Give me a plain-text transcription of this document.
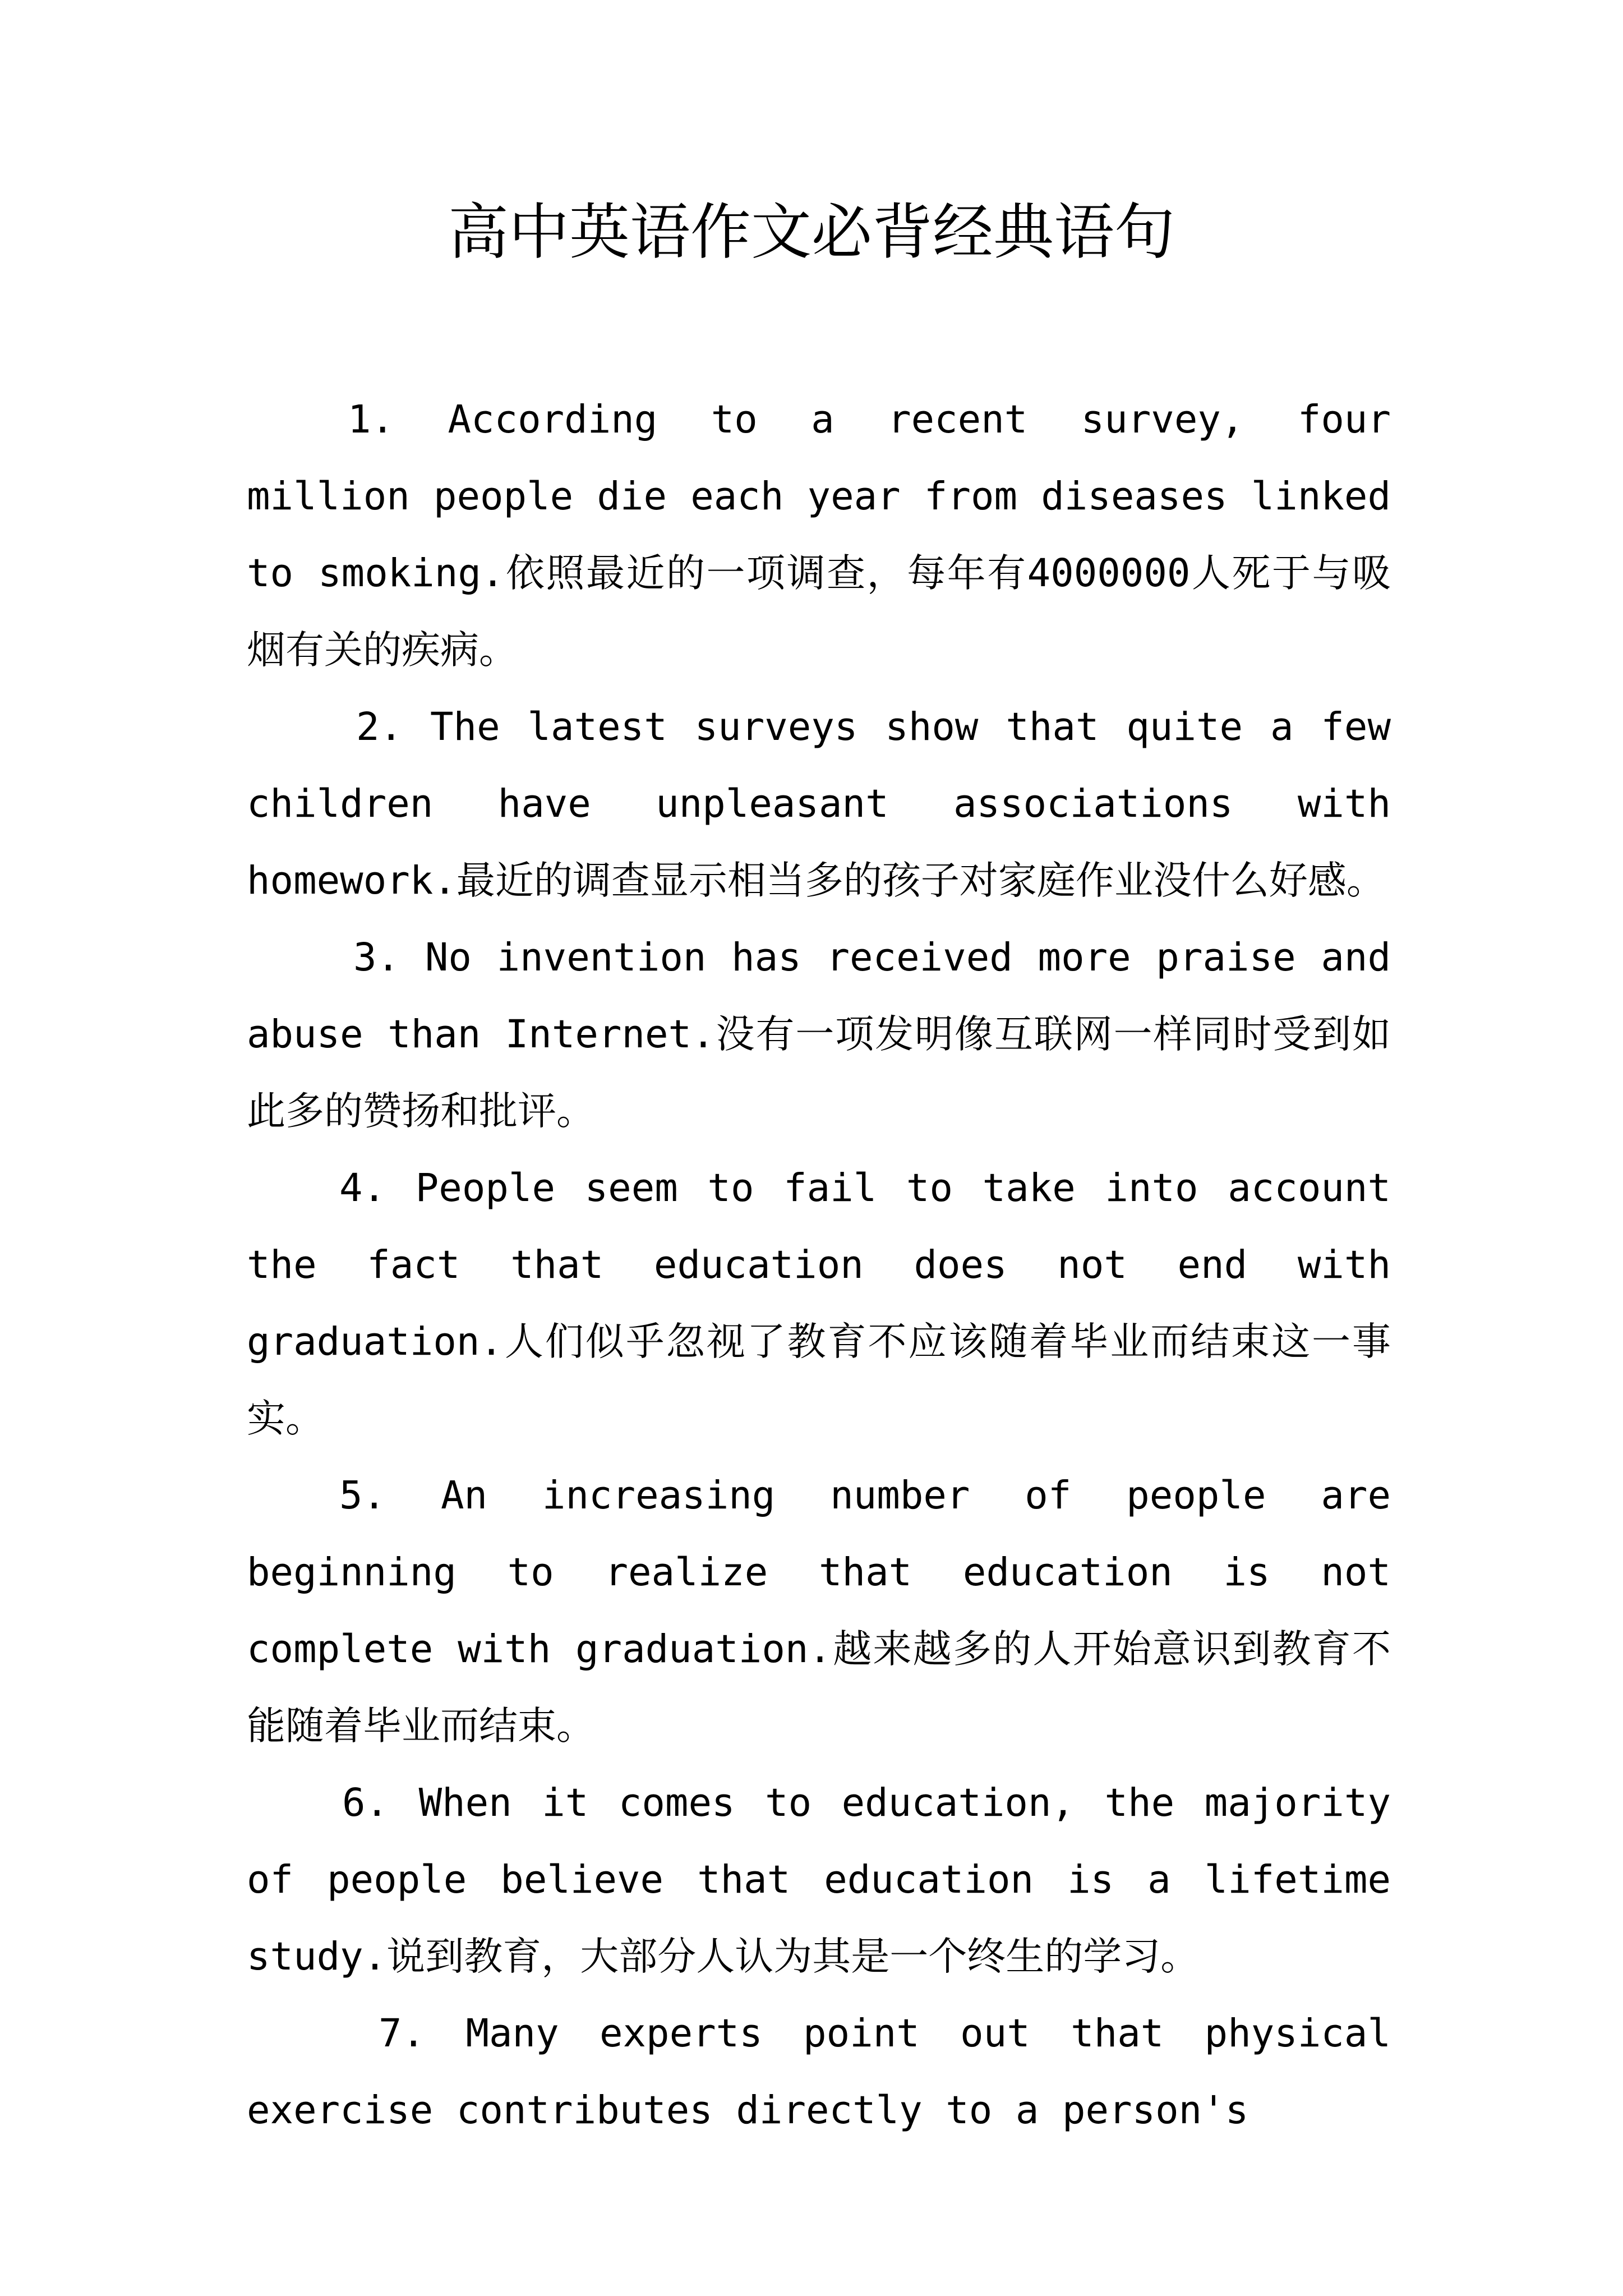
高中英语作文必背经典语句

1. According to a recent survey, four million people die each year from diseases linked to smoking.依照最近的一项调查，每年有4000000人死于与吸烟有关的疾病。

2. The latest surveys show that quite a few children have unpleasant associations with homework.最近的调查显示相当多的孩子对家庭作业没什么好感。

3. No invention has received more praise and abuse than Internet.没有一项发明像互联网一样同时受到如此多的赞扬和批评。

4. People seem to fail to take into account the fact that education does not end with graduation.人们似乎忽视了教育不应该随着毕业而结束这一事实。

5. An increasing number of people are beginning to realize that education is not complete with graduation.越来越多的人开始意识到教育不能随着毕业而结束。

6. When it comes to education, the majority of people believe that education is a lifetime study.说到教育，大部分人认为其是一个终生的学习。

7. Many experts point out that physical exercise contributes directly to a person's
